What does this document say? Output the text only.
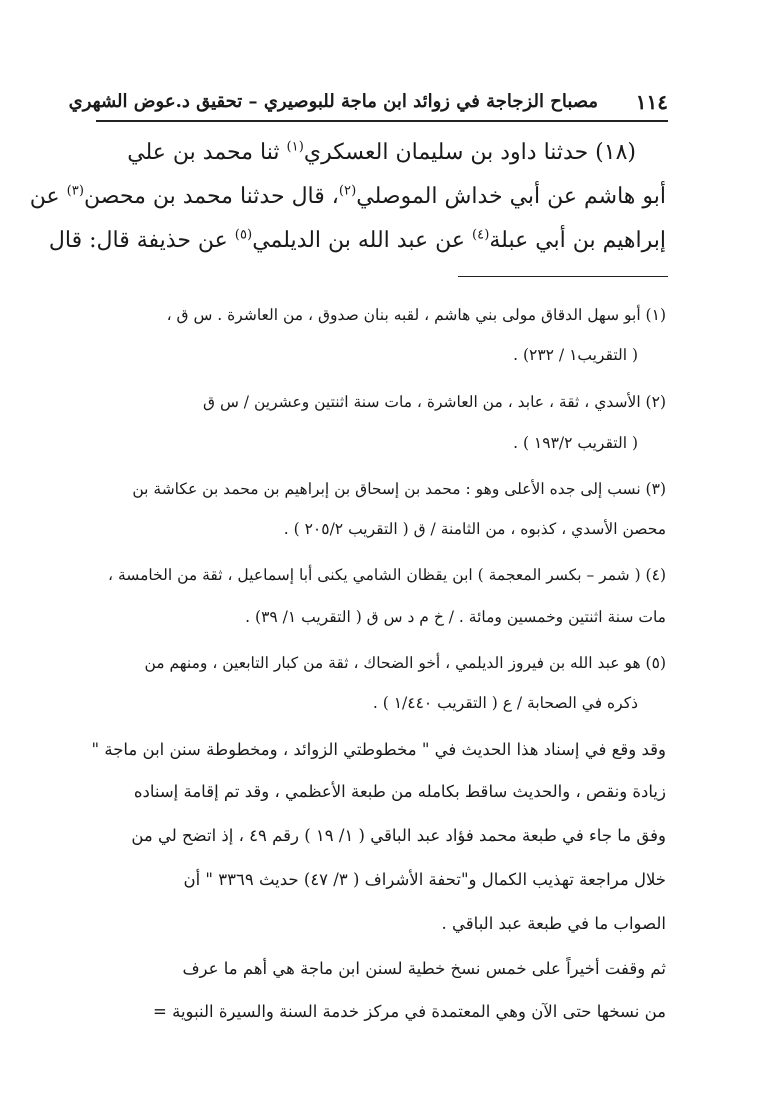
١١٤
مصباح الزجاجة في زوائد ابن ماجة للبوصيري – تحقيق د.عوض الشهري
(١٨) حدثنا داود بن سليمان العسكري$^{(١)}$ ثنا محمد بن علي
أبو هاشم عن أبي خداش الموصلي$^{(٢)}$، قال حدثنا محمد بن محصن$^{(٣)}$ عن
إبراهيم بن أبي عبلة$^{(٤)}$ عن عبد الله بن الديلمي$^{(٥)}$ عن حذيفة قال: قال
(١) أبو سهل الدقاق مولى بني هاشم ، لقبه بنان صدوق ، من العاشرة . س ق ،
( التقريب١ / ٢٣٢) .
(٢) الأسدي ، ثقة ، عابد ، من العاشرة ، مات سنة اثنتين وعشرين / س ق
( التقريب ١٩٣/٢ ) .
(٣) نسب إلى جده الأعلى وهو : محمد بن إسحاق بن إبراهيم بن محمد بن عكاشة بن
محصن الأسدي ، كذبوه ، من الثامنة / ق ( التقريب ٢٠٥/٢ ) .
(٤) ( شمر – بكسر المعجمة ) ابن يقظان الشامي يكنى أبا إسماعيل ، ثقة من الخامسة ،
مات سنة اثنتين وخمسين ومائة . / خ م د س ق ( التقريب ١/ ٣٩) .
(٥) هو عبد الله بن فيروز الديلمي ، أخو الضحاك ، ثقة من كبار التابعين ، ومنهم من
ذكره في الصحابة / ع ( التقريب ١/٤٤٠ ) .
وقد وقع في إسناد هذا الحديث في " مخطوطتي الزوائد ، ومخطوطة سنن ابن ماجة "
زيادة ونقص ، والحديث ساقط بكامله من طبعة الأعظمي ، وقد تم إقامة إسناده
وفق ما جاء في طبعة محمد فؤاد عبد الباقي ( ١/ ١٩ ) رقم ٤٩ ، إذ اتضح لي من
خلال مراجعة تهذيب الكمال و"تحفة الأشراف ( ٣/ ٤٧) حديث ٣٣٦٩ " أن
الصواب ما في طبعة عبد الباقي .
ثم وقفت أخيراً على خمس نسخ خطية لسنن ابن ماجة هي أهم ما عرف
من نسخها حتى الآن وهي المعتمدة في مركز خدمة السنة والسيرة النبوية =
